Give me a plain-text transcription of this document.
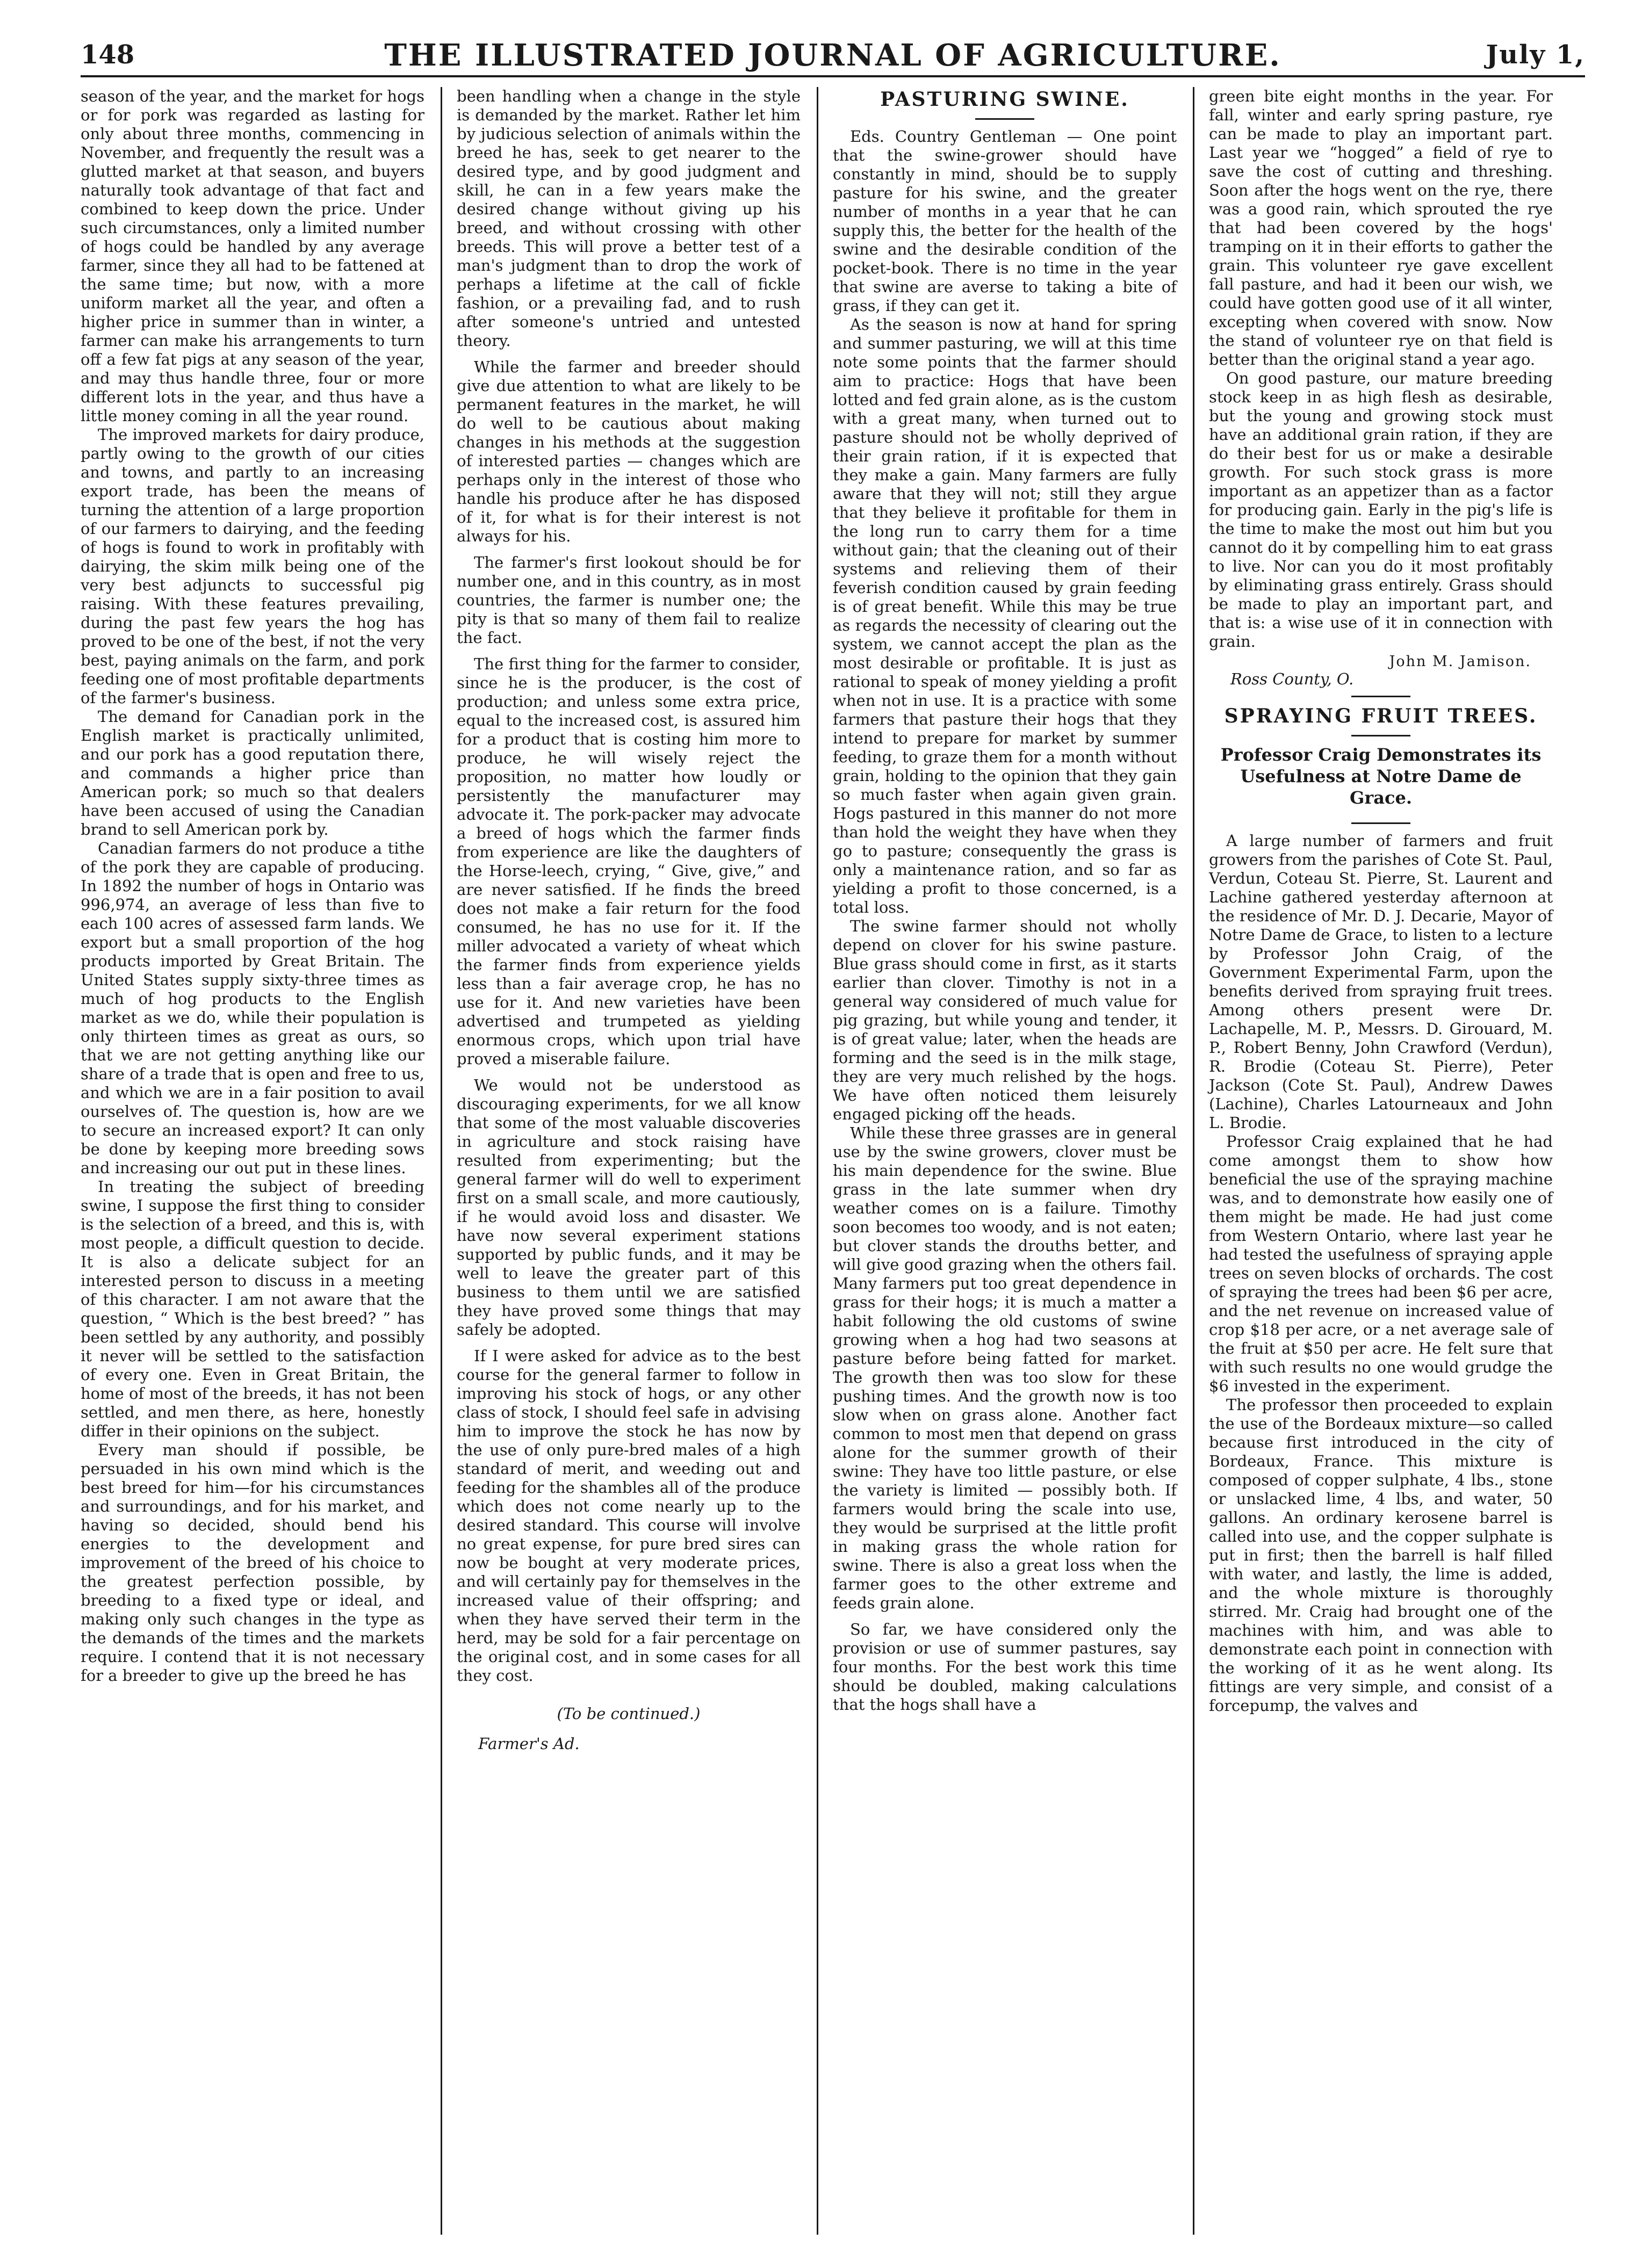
148	THE ILLUSTRATED JOURNAL OF AGRICULTURE.	July 1,

season of the year, and the market for hogs or for pork was regarded as lasting for only about three months, commencing in November, and frequently the result was a glutted market at that season, and buyers naturally took advantage of that fact and combined to keep down the price. Under such circumstances, only a limited number of hogs could be handled by any average farmer, since they all had to be fattened at the same time; but now, with a more uniform market all the year, and often a higher price in summer than in winter, a farmer can make his arrangements to turn off a few fat pigs at any season of the year, and may thus handle three, four or more different lots in the year, and thus have a little money coming in all the year round.

The improved markets for dairy produce, partly owing to the growth of our cities and towns, and partly to an increasing export trade, has been the means of turning the attention of a large proportion of our farmers to dairying, and the feeding of hogs is found to work in profitably with dairying, the skim milk being one of the very best adjuncts to successful pig raising. With these features prevailing, during the past few years the hog has proved to be one of the best, if not the very best, paying animals on the farm, and pork feeding one of most profitable departments of the farmer's business.

The demand for Canadian pork in the English market is practically unlimited, and our pork has a good reputation there, and commands a higher price than American pork; so much so that dealers have been accused of using the Canadian brand to sell American pork by.

Canadian farmers do not produce a tithe of the pork they are capable of producing. In 1892 the number of hogs in Ontario was 996,974, an average of less than five to each 100 acres of assessed farm lands. We export but a small proportion of the hog products imported by Great Britain. The United States supply sixty-three times as much of hog products to the English market as we do, while their population is only thirteen times as great as ours, so that we are not getting anything like our share of a trade that is open and free to us, and which we are in a fair position to avail ourselves of. The question is, how are we to secure an increased export? It can only be done by keeping more breeding sows and increasing our out put in these lines.

In treating the subject of breeding swine, I suppose the first thing to consider is the selection of a breed, and this is, with most people, a difficult question to decide. It is also a delicate subject for an interested person to discuss in a meeting of this character. I am not aware that the question, “ Which is the best breed? ” has been settled by any authority, and possibly it never will be settled to the satisfaction of every one. Even in Great Britain, the home of most of the breeds, it has not been settled, and men there, as here, honestly differ in their opinions on the subject.

Every man should if possible, be persuaded in his own mind which is the best breed for him—for his circumstances and surroundings, and for his market, and having so decided, should bend his energies to the development and improvement of the breed of his choice to the greatest perfection possible, by breeding to a fixed type or ideal, and making only such changes in the type as the demands of the times and the markets require. I contend that it is not necessary for a breeder to give up the breed he has

been handling when a change in the style is demanded by the market. Rather let him by judicious selection of animals within the breed he has, seek to get nearer to the desired type, and by good judgment and skill, he can in a few years make the desired change without giving up his breed, and without crossing with other breeds. This will prove a better test of a man's judgment than to drop the work of perhaps a lifetime at the call of fickle fashion, or a prevailing fad, and to rush after someone's untried and untested theory.

While the farmer and breeder should give due attention to what are likely to be permanent features in the market, he will do well to be cautious about making changes in his methods at the suggestion of interested parties — changes which are perhaps only in the interest of those who handle his produce after he has disposed of it, for what is for their interest is not always for his.

The farmer's first lookout should be for number one, and in this country, as in most countries, the farmer is number one; the pity is that so many of them fail to realize the fact.

The first thing for the farmer to consider, since he is the producer, is the cost of production; and unless some extra price, equal to the increased cost, is assured him for a product that is costing him more to produce, he will wisely reject the proposition, no matter how loudly or persistently the manufacturer may advocate it. The pork-packer may advocate a breed of hogs which the farmer finds from experience are like the daughters of the Horse-leech, crying, “ Give, give,” and are never satisfied. If he finds the breed does not make a fair return for the food consumed, he has no use for it. If the miller advocated a variety of wheat which the farmer finds from experience yields less than a fair average crop, he has no use for it. And new varieties have been advertised and trumpeted as yielding enormous crops, which upon trial have proved a miserable failure.

We would not be understood as discouraging experiments, for we all know that some of the most valuable discoveries in agriculture and stock raising have resulted from experimenting; but the general farmer will do well to experiment first on a small scale, and more cautiously, if he would avoid loss and disaster. We have now several experiment stations supported by public funds, and it may be well to leave the greater part of this business to them until we are satisfied they have proved some things that may safely be adopted.

If I were asked for advice as to the best course for the general farmer to follow in improving his stock of hogs, or any other class of stock, I should feel safe in advising him to improve the stock he has now by the use of only pure-bred males of a high standard of merit, and weeding out and feeding for the shambles all of the produce which does not come nearly up to the desired standard. This course will involve no great expense, for pure bred sires can now be bought at very moderate prices, and will certainly pay for themselves in the increased value of their offspring; and when they have served their term in the herd, may be sold for a fair percentage on the original cost, and in some cases for all they cost.

(To be continued.)
Farmer's Ad.
PASTURING SWINE.

Eds. Country Gentleman — One point that the swine-grower should have constantly in mind, should be to supply pasture for his swine, and the greater number of months in a year that he can supply this, the better for the health of the swine and the desirable condition of the pocket-book. There is no time in the year that swine are averse to taking a bite of grass, if they can get it.

As the season is now at hand for spring and summer pasturing, we will at this time note some points that the farmer should aim to practice: Hogs that have been lotted and fed grain alone, as is the custom with a great many, when turned out to pasture should not be wholly deprived of their grain ration, if it is expected that they make a gain. Many farmers are fully aware that they will not; still they argue that they believe it profitable for them in the long run to carry them for a time without gain; that the cleaning out of their systems and relieving them of their feverish condition caused by grain feeding is of great benefit. While this may be true as regards the necessity of clearing out the system, we cannot accept the plan as the most desirable or profitable. It is just as rational to speak of money yielding a profit when not in use. It is a practice with some farmers that pasture their hogs that they intend to prepare for market by summer feeding, to graze them for a month without grain, holding to the opinion that they gain so much faster when again given grain. Hogs pastured in this manner do not more than hold the weight they have when they go to pasture; consequently the grass is only a maintenance ration, and so far as yielding a profit to those concerned, is a total loss.

The swine farmer should not wholly depend on clover for his swine pasture. Blue grass should come in first, as it starts earlier than clover. Timothy is not in a general way considered of much value for pig grazing, but while young and tender, it is of great value; later, when the heads are forming and the seed is in the milk stage, they are very much relished by the hogs. We have often noticed them leisurely engaged picking off the heads.

While these three grasses are in general use by the swine growers, clover must be his main dependence for the swine. Blue grass in the late summer when dry weather comes on is a failure. Timothy soon becomes too woody, and is not eaten; but clover stands the drouths better, and will give good grazing when the others fail. Many farmers put too great dependence in grass for their hogs; it is much a matter a habit following the old customs of swine growing when a hog had two seasons at pasture before being fatted for market. The growth then was too slow for these pushing times. And the growth now is too slow when on grass alone. Another fact common to most men that depend on grass alone for the summer growth of their swine: They have too little pasture, or else the variety is limited — possibly both. If farmers would bring the scale into use, they would be surprised at the little profit in making grass the whole ration for swine. There is also a great loss when the farmer goes to the other extreme and feeds grain alone.

So far, we have considered only the provision or use of summer pastures, say four months. For the best work this time should be doubled, making calculations that the hogs shall have a

green bite eight months in the year. For fall, winter and early spring pasture, rye can be made to play an important part. Last year we “hogged” a field of rye to save the cost of cutting and threshing. Soon after the hogs went on the rye, there was a good rain, which sprouted the rye that had been covered by the hogs' tramping on it in their efforts to gather the grain. This volunteer rye gave excellent fall pasture, and had it been our wish, we could have gotten good use of it all winter, excepting when covered with snow. Now the stand of volunteer rye on that field is better than the original stand a year ago.

On good pasture, our mature breeding stock keep in as high flesh as desirable, but the young and growing stock must have an additional grain ration, if they are do their best for us or make a desirable growth. For such stock grass is more important as an appetizer than as a factor for producing gain. Early in the pig's life is the time to make the most out him but you cannot do it by compelling him to eat grass to live. Nor can you do it most profitably by eliminating grass entirely. Grass should be made to play an important part, and that is: a wise use of it in connection with grain.

John M. Jamison.
Ross County, O.
SPRAYING FRUIT TREES.
Professor Craig Demonstrates its Usefulness at Notre Dame de Grace.

A large number of farmers and fruit growers from the parishes of Cote St. Paul, Verdun, Coteau St. Pierre, St. Laurent and Lachine gathered yesterday afternoon at the residence of Mr. D. J. Decarie, Mayor of Notre Dame de Grace, to listen to a lecture by Professor John Craig, of the Government Experimental Farm, upon the benefits derived from spraying fruit trees. Among others present were Dr. Lachapelle, M. P., Messrs. D. Girouard, M. P., Robert Benny, John Crawford (Verdun), R. Brodie (Coteau St. Pierre), Peter Jackson (Cote St. Paul), Andrew Dawes (Lachine), Charles Latourneaux and John L. Brodie.

Professor Craig explained that he had come amongst them to show how beneficial the use of the spraying machine was, and to demonstrate how easily one of them might be made. He had just come from Western Ontario, where last year he had tested the usefulness of spraying apple trees on seven blocks of orchards. The cost of spraying the trees had been $6 per acre, and the net revenue on increased value of crop $18 per acre, or a net average sale of the fruit at $50 per acre. He felt sure that with such results no one would grudge the $6 invested in the experiment.

The professor then proceeded to explain the use of the Bordeaux mixture—so called because first introduced in the city of Bordeaux, France. This mixture is composed of copper sulphate, 4 lbs., stone or unslacked lime, 4 lbs, and water, 50 gallons. An ordinary kerosene barrel is called into use, and the copper sulphate is put in first; then the barrell is half filled with water, and lastly, the lime is added, and the whole mixture is thoroughly stirred. Mr. Craig had brought one of the machines with him, and was able to demonstrate each point in connection with the working of it as he went along. Its fittings are very simple, and consist of a forcepump, the valves and
